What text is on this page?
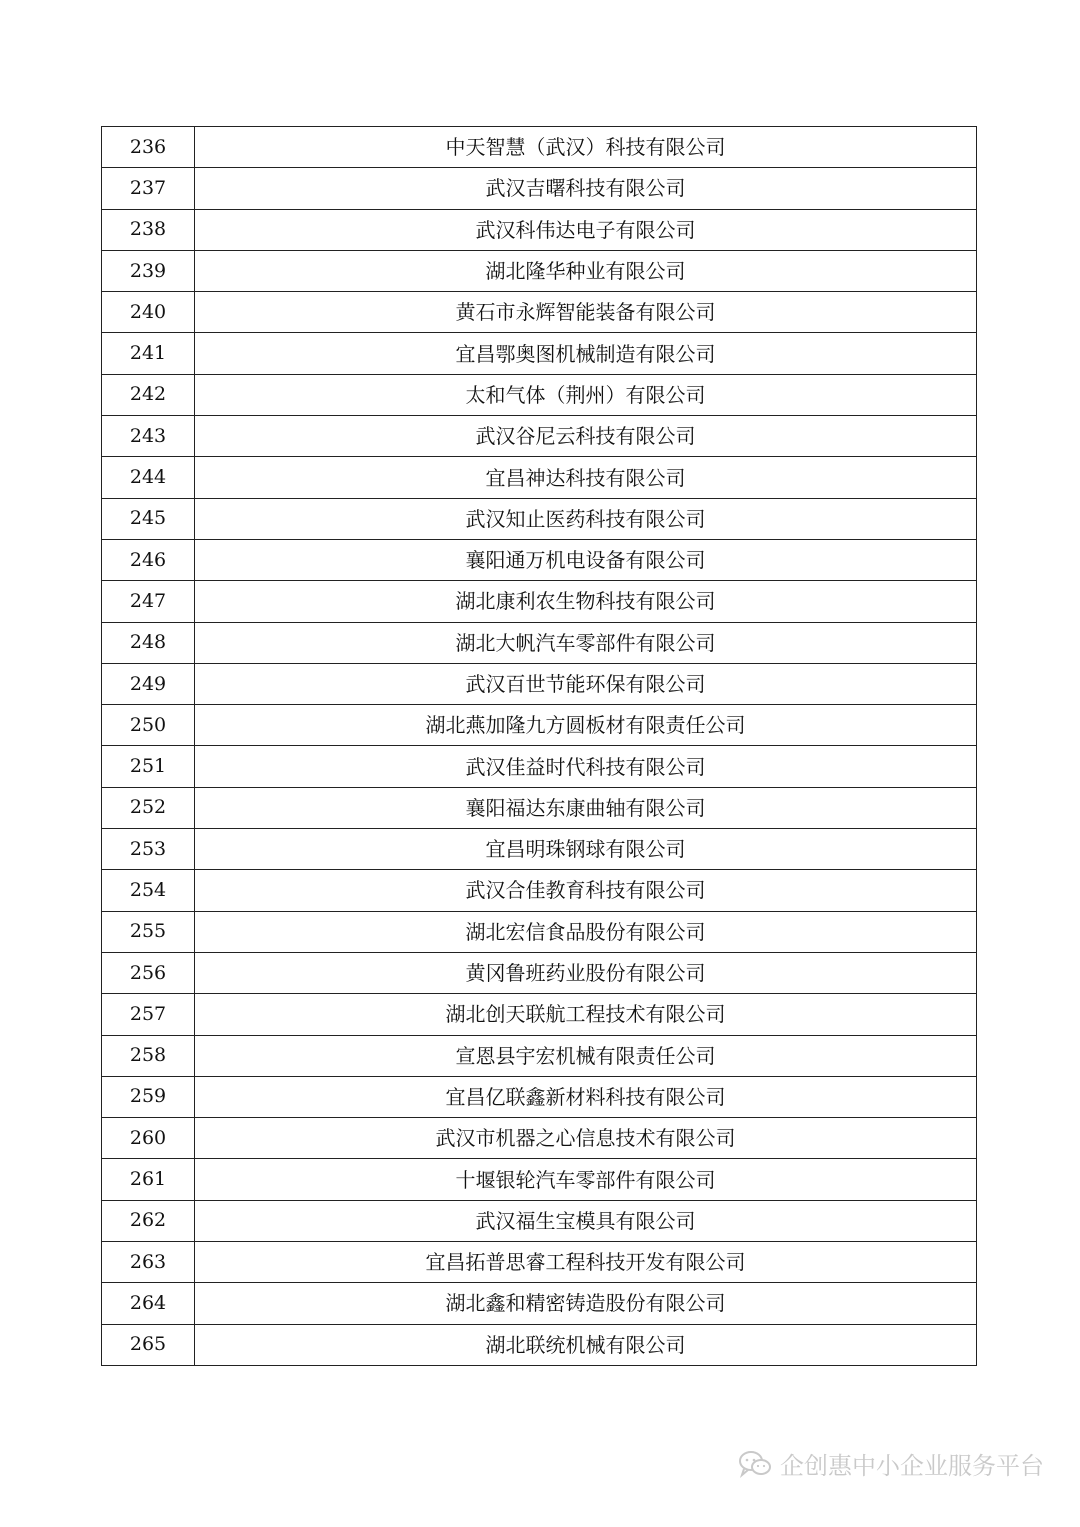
236	中天智慧（武汉）科技有限公司
237	武汉吉曙科技有限公司
238	武汉科伟达电子有限公司
239	湖北隆华种业有限公司
240	黄石市永辉智能装备有限公司
241	宜昌鄂奥图机械制造有限公司
242	太和气体（荆州）有限公司
243	武汉谷尼云科技有限公司
244	宜昌神达科技有限公司
245	武汉知止医药科技有限公司
246	襄阳通万机电设备有限公司
247	湖北康利农生物科技有限公司
248	湖北大帆汽车零部件有限公司
249	武汉百世节能环保有限公司
250	湖北燕加隆九方圆板材有限责任公司
251	武汉佳益时代科技有限公司
252	襄阳福达东康曲轴有限公司
253	宜昌明珠钢球有限公司
254	武汉合佳教育科技有限公司
255	湖北宏信食品股份有限公司
256	黄冈鲁班药业股份有限公司
257	湖北创天联航工程技术有限公司
258	宣恩县宇宏机械有限责任公司
259	宜昌亿联鑫新材料科技有限公司
260	武汉市机器之心信息技术有限公司
261	十堰银轮汽车零部件有限公司
262	武汉福生宝模具有限公司
263	宜昌拓普思睿工程科技开发有限公司
264	湖北鑫和精密铸造股份有限公司
265	湖北联统机械有限公司
企创惠中小企业服务平台
